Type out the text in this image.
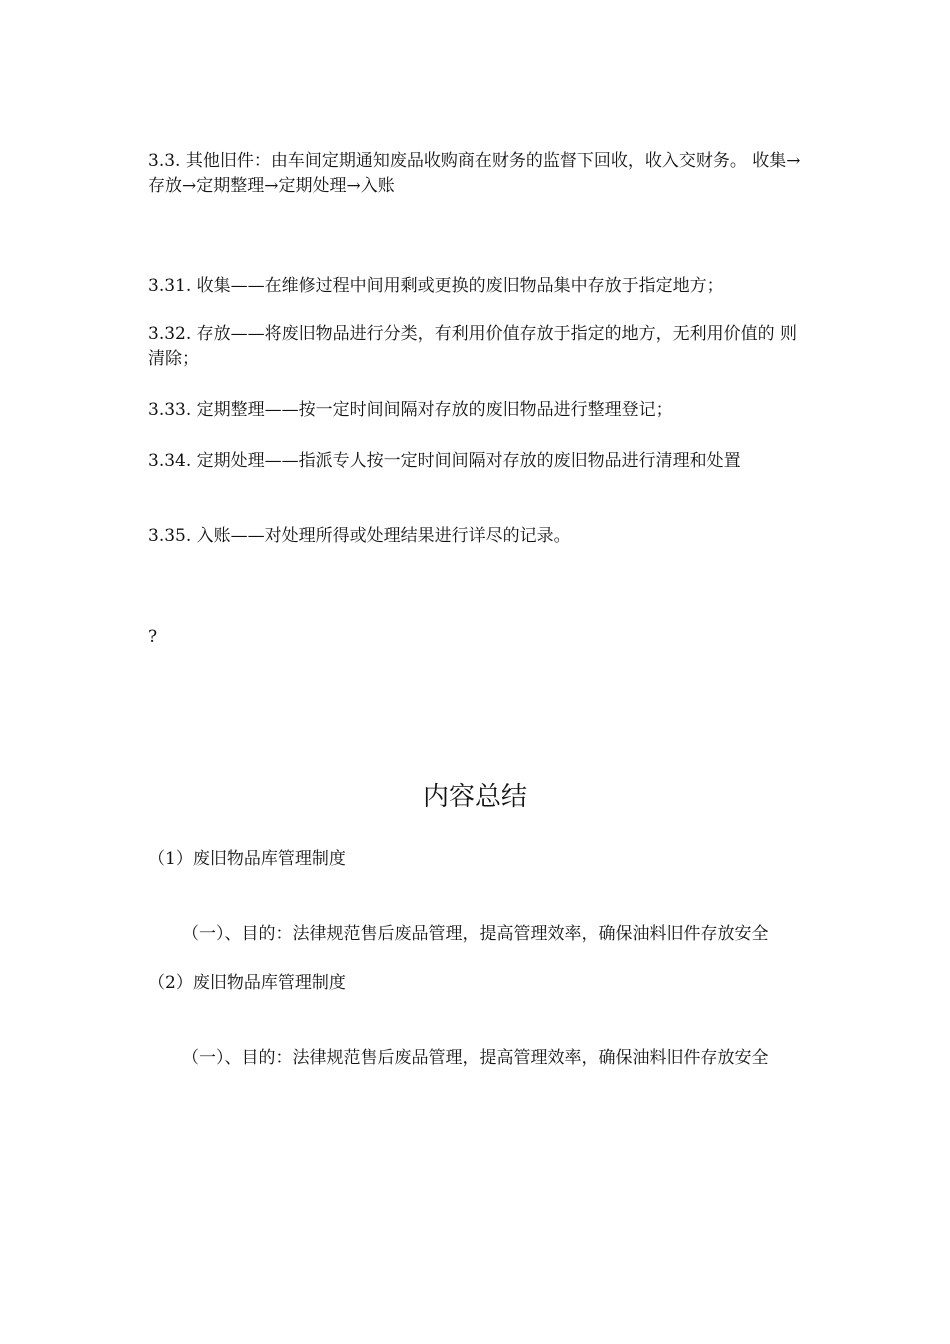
3.3. 其他旧件：由车间定期通知废品收购商在财务的监督下回收，收入交财务。 收集→存放→定期整理→定期处理→入账
3.31. 收集——在维修过程中间用剩或更换的废旧物品集中存放于指定地方；
3.32. 存放——将废旧物品进行分类，有利用价值存放于指定的地方，无利用价值的 则清除；
3.33. 定期整理——按一定时间间隔对存放的废旧物品进行整理登记；
3.34. 定期处理——指派专人按一定时间间隔对存放的废旧物品进行清理和处置
3.35. 入账——对处理所得或处理结果进行详尽的记录。
?
内容总结
（1）废旧物品库管理制度
（一）、目的：法律规范售后废品管理，提高管理效率，确保油料旧件存放安全
（2）废旧物品库管理制度
（一）、目的：法律规范售后废品管理，提高管理效率，确保油料旧件存放安全
